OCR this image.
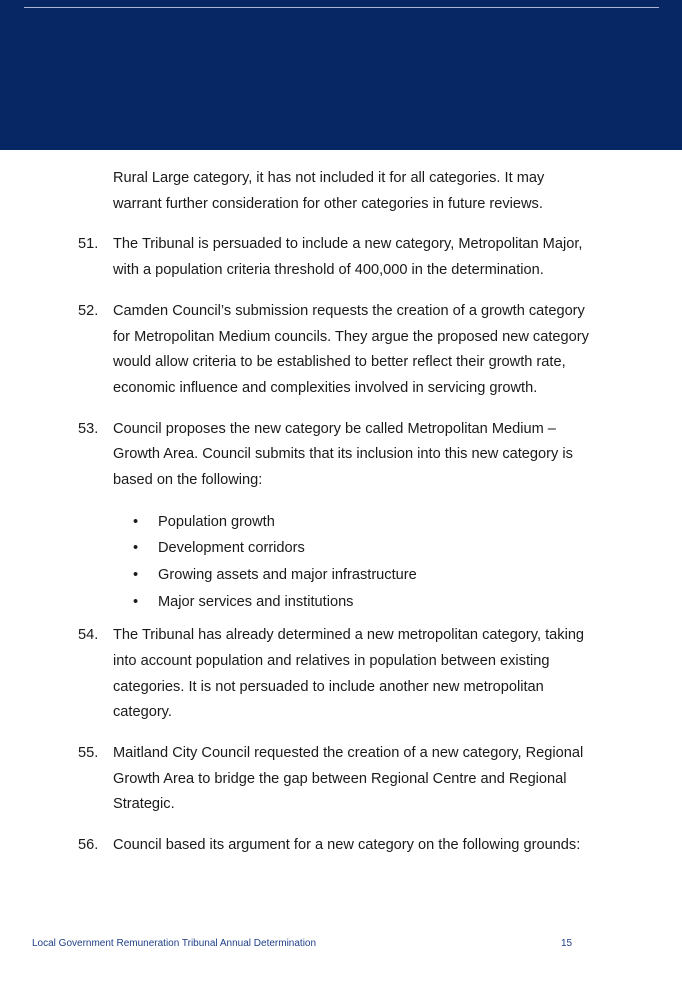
Rural Large category, it has not included it for all categories. It may
warrant further consideration for other categories in future reviews.

51. The Tribunal is persuaded to include a new category, Metropolitan Major,
with a population criteria threshold of 400,000 in the determination.

52. Camden Council’s submission requests the creation of a growth category
for Metropolitan Medium councils. They argue the proposed new category
would allow criteria to be established to better reflect their growth rate,
economic influence and complexities involved in servicing growth.

53. Council proposes the new category be called Metropolitan Medium –
Growth Area. Council submits that its inclusion into this new category is
based on the following:

• Population growth
• Development corridors
• Growing assets and major infrastructure
• Major services and institutions

54. The Tribunal has already determined a new metropolitan category, taking
into account population and relatives in population between existing
categories. It is not persuaded to include another new metropolitan
category.

55. Maitland City Council requested the creation of a new category, Regional
Growth Area to bridge the gap between Regional Centre and Regional
Strategic.

56. Council based its argument for a new category on the following grounds:

Local Government Remuneration Tribunal Annual Determination	15
